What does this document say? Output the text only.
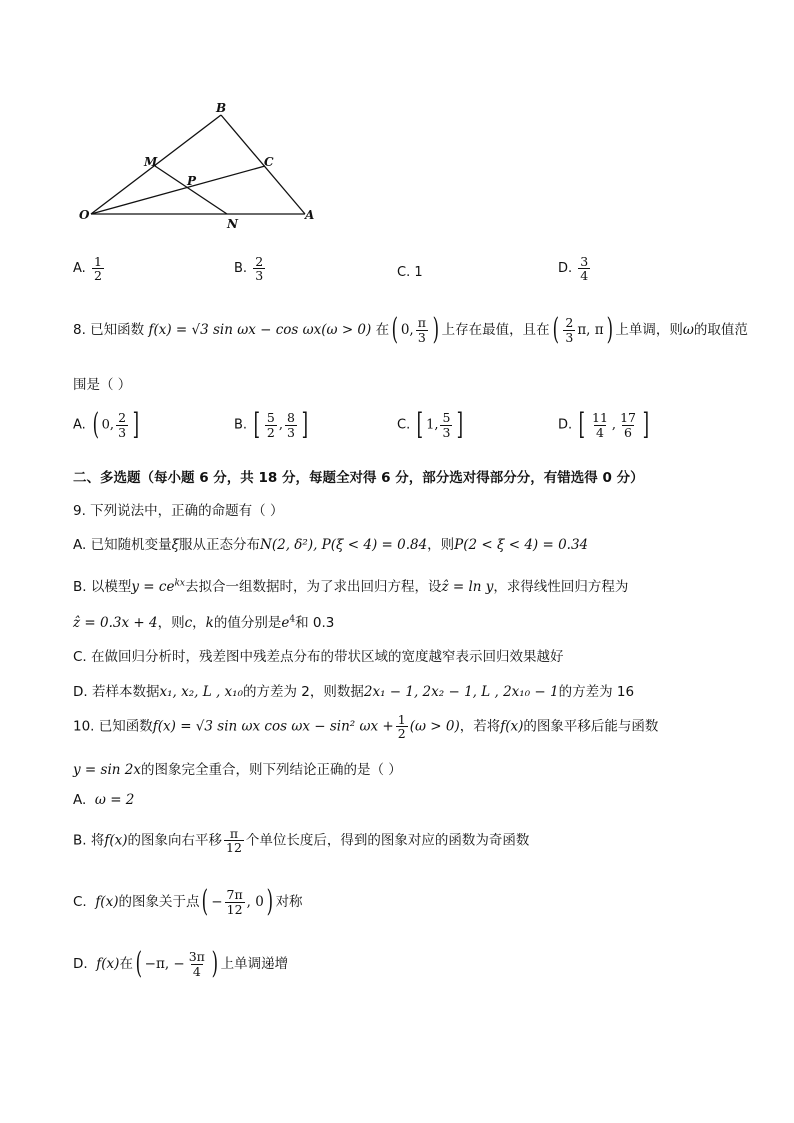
B
M	C
P
O
N
A
A. $\frac{1}{2}$	B. $\frac{2}{3}$	C. 1	D. $\frac{3}{4}$
8. 已知函数 f(x) = √3 sin ωx − cos ωx(ω > 0) 在( 0, $\frac{\pi}{3}$ ) 上存在最值，且在( $\frac{2}{3} \pi$, π) 上单调，则ω的取值范
围是（ ）
A. ( 0, $\frac{2}{3}$ ]	B. [ $\frac{5}{2}$ , $\frac{8}{3}$ ]	C. [ 1, $\frac{5}{3}$ ]	D. [ $\frac{11}{4}$ , $\frac{17}{6}$ ]
二、多选题（每小题 6 分，共 18 分，每题全对得 6 分，部分选对得部分分，有错选得 0 分）
9. 下列说法中，正确的命题有（ ）
A. 已知随机变量ξ服从正态分布N(2, δ²), P(ξ < 4) = 0.84，则P(2 < ξ < 4) = 0.34
B. 以模型$y = ce^{kx}$去拟合一组数据时，为了求出回归方程，设ẑ = ln y，求得线性回归方程为
ẑ = 0.3x + 4，则c，k的值分别是$e^4$和 0.3
C. 在做回归分析时，残差图中残差点分布的带状区域的宽度越窄表示回归效果越好
D. 若样本数据x₁, x₂, L , x₁₀的方差为 2，则数据2x₁ − 1, 2x₂ − 1, L , 2x₁₀ − 1的方差为 16
10. 已知函数f(x) = √3 sin ωx cos ωx − sin² $\omega x + \frac{1}{2} (\omega > 0)$，若将f(x)的图象平移后能与函数
y = sin 2x的图象完全重合，则下列结论正确的是（ ）
A. ω = 2
B. 将f(x)的图象向右平移 $\frac{\pi}{12}$ 个单位长度后，得到的图象对应的函数为奇函数
C. f(x)的图象关于点( − $\frac{7\pi}{12}$ , 0) 对称
D. f(x)在( −π, − $\frac{3\pi}{4}$ ) 上单调递增
